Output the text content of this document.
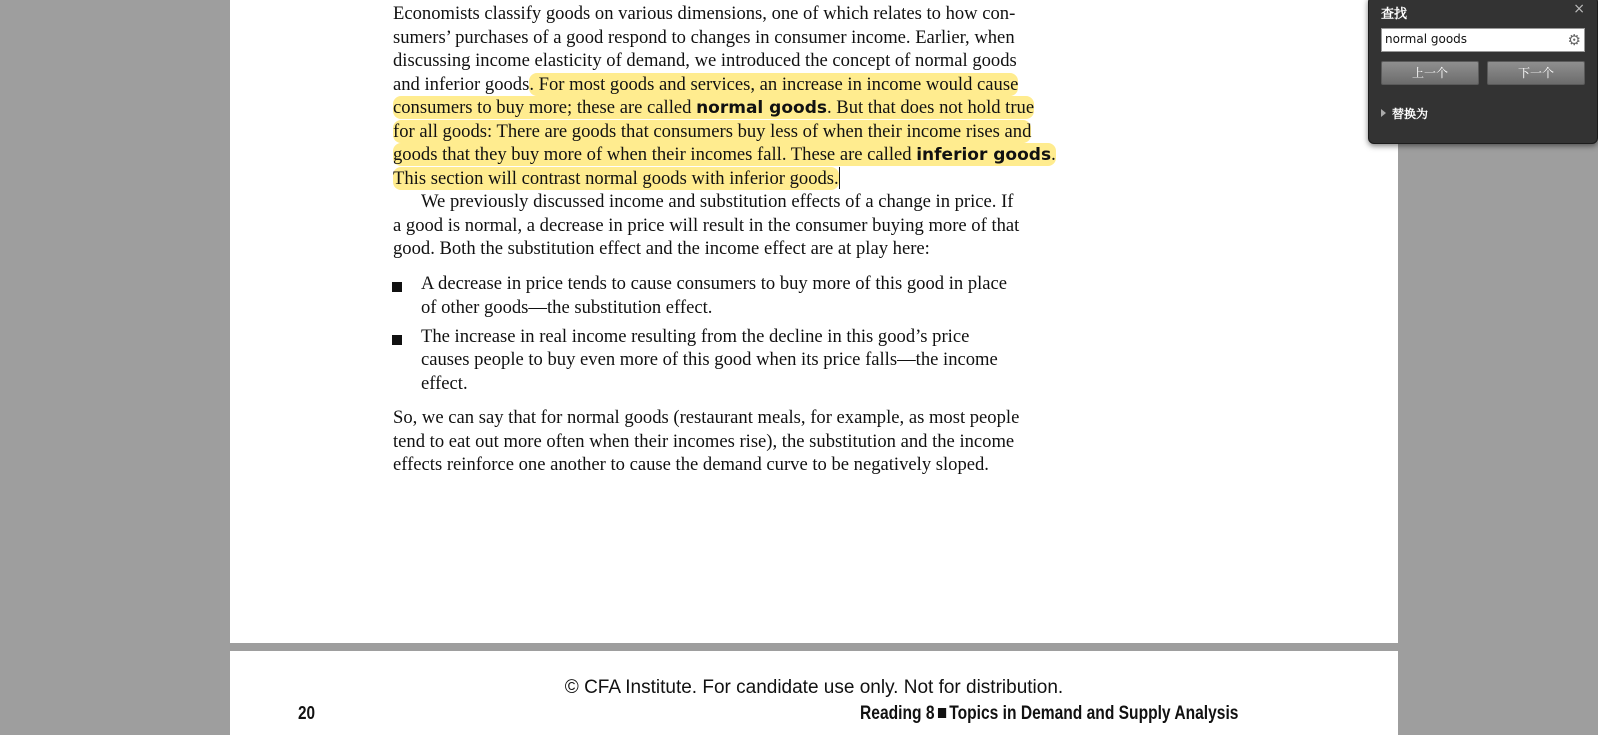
Economists classify goods on various dimensions, one of which relates to how con-
sumers’ purchases of a good respond to changes in consumer income. Earlier, when
discussing income elasticity of demand, we introduced the concept of normal goods
and inferior goods. For most goods and services, an increase in income would cause
consumers to buy more; these are called normal goods. But that does not hold true
for all goods: There are goods that consumers buy less of when their income rises and
goods that they buy more of when their incomes fall. These are called inferior goods.
This section will contrast normal goods with inferior goods.
We previously discussed income and substitution effects of a change in price. If
a good is normal, a decrease in price will result in the consumer buying more of that
good. Both the substitution effect and the income effect are at play here:
A decrease in price tends to cause consumers to buy more of this good in place
of other goods—the substitution effect.
The increase in real income resulting from the decline in this good’s price
causes people to buy even more of this good when its price falls—the income
effect.
So, we can say that for normal goods (restaurant meals, for example, as most people
tend to eat out more often when their incomes rise), the substitution and the income
effects reinforce one another to cause the demand curve to be negatively sloped.
© CFA Institute. For candidate use only. Not for distribution.
20	Reading 8 Topics in Demand and Supply Analysis
查找	×
normal goods
⚙
上一个	下一个
替换为
